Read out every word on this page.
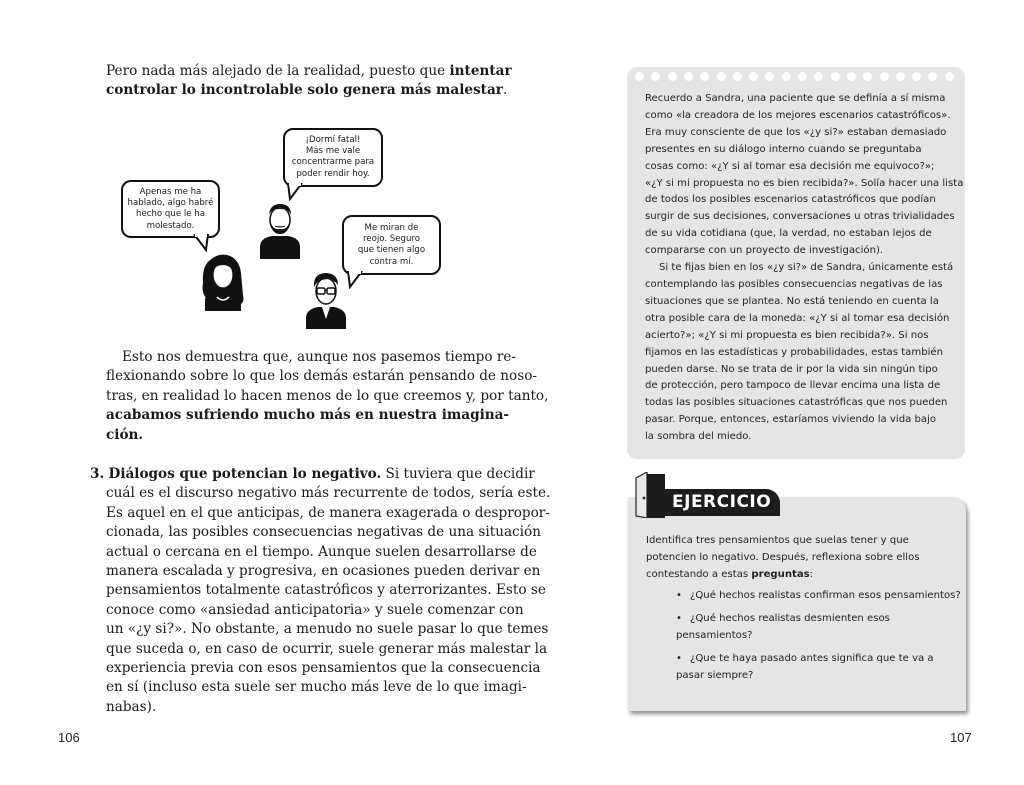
Pero nada más alejado de la realidad, puesto que intentar
controlar lo incontrolable solo genera más malestar.
¡Dormí fatal!
Más me vale
concentrarme para
poder rendir hoy.
Apenas me ha
hablado, algo habré
hecho que le ha
molestado.	Me miran de
reojo. Seguro
que tienen algo
contra mí.
Esto nos demuestra que, aunque nos pasemos tiempo re-
flexionando sobre lo que los demás estarán pensando de noso-
tras, en realidad lo hacen menos de lo que creemos y, por tanto,
acabamos sufriendo mucho más en nuestra imagina-
ción.
3. Diálogos que potencian lo negativo. Si tuviera que decidir
cuál es el discurso negativo más recurrente de todos, sería este.
Es aquel en el que anticipas, de manera exagerada o despropor-
cionada, las posibles consecuencias negativas de una situación
actual o cercana en el tiempo. Aunque suelen desarrollarse de
manera escalada y progresiva, en ocasiones pueden derivar en
pensamientos totalmente catastróficos y aterrorizantes. Esto se
conoce como «ansiedad anticipatoria» y suele comenzar con
un «¿y si?». No obstante, a menudo no suele pasar lo que temes
que suceda o, en caso de ocurrir, suele generar más malestar la
experiencia previa con esos pensamientos que la consecuencia
en sí (incluso esta suele ser mucho más leve de lo que imagi-
nabas).
106
Recuerdo a Sandra, una paciente que se definía a sí misma
como «la creadora de los mejores escenarios catastróficos».
Era muy consciente de que los «¿y si?» estaban demasiado
presentes en su diálogo interno cuando se preguntaba
cosas como: «¿Y si al tomar esa decisión me equivoco?»;
«¿Y si mi propuesta no es bien recibida?». Solía hacer una lista
de todos los posibles escenarios catastróficos que podían
surgir de sus decisiones, conversaciones u otras trivialidades
de su vida cotidiana (que, la verdad, no estaban lejos de
compararse con un proyecto de investigación).
Si te fijas bien en los «¿y si?» de Sandra, únicamente está
contemplando las posibles consecuencias negativas de las
situaciones que se plantea. No está teniendo en cuenta la
otra posible cara de la moneda: «¿Y si al tomar esa decisión
acierto?»; «¿Y si mi propuesta es bien recibida?». Si nos
fijamos en las estadísticas y probabilidades, estas también
pueden darse. No se trata de ir por la vida sin ningún tipo
de protección, pero tampoco de llevar encima una lista de
todas las posibles situaciones catastróficas que nos pueden
pasar. Porque, entonces, estaríamos viviendo la vida bajo
la sombra del miedo.
EJERCICIO
Identifica tres pensamientos que suelas tener y que
potencien lo negativo. Después, reflexiona sobre ellos
contestando a estas preguntas:
• ¿Qué hechos realistas confirman esos pensamientos?
• ¿Qué hechos realistas desmienten esos
pensamientos?
• ¿Que te haya pasado antes significa que te va a
pasar siempre?
107
